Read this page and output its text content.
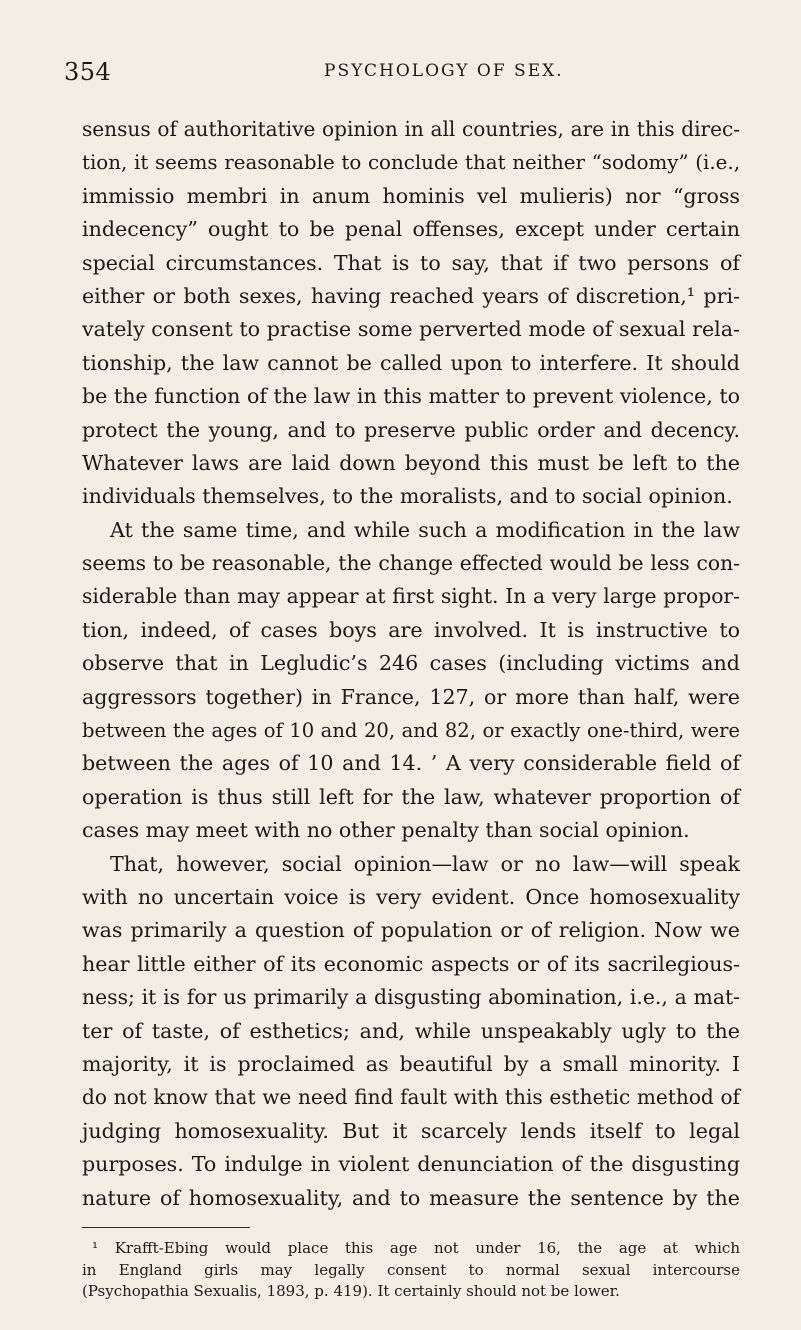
354	PSYCHOLOGY OF SEX.
sensus of authoritative opinion in all countries, are in this direc-
tion, it seems reasonable to conclude that neither “sodomy” (i.e.,
immissio membri in anum hominis vel mulieris) nor “gross
indecency” ought to be penal offenses, except under certain
special circumstances. That is to say, that if two persons of
either or both sexes, having reached years of discretion,¹ pri-
vately consent to practise some perverted mode of sexual rela-
tionship, the law cannot be called upon to interfere. It should
be the function of the law in this matter to prevent violence, to
protect the young, and to preserve public order and decency.
Whatever laws are laid down beyond this must be left to the
individuals themselves, to the moralists, and to social opinion.
At the same time, and while such a modification in the law
seems to be reasonable, the change effected would be less con-
siderable than may appear at first sight. In a very large propor-
tion, indeed, of cases boys are involved. It is instructive to
observe that in Legludic’s 246 cases (including victims and
aggressors together) in France, 127, or more than half, were
between the ages of 10 and 20, and 82, or exactly one-third, were
between the ages of 10 and 14. ’ A very considerable field of
operation is thus still left for the law, whatever proportion of
cases may meet with no other penalty than social opinion.
That, however, social opinion—law or no law—will speak
with no uncertain voice is very evident. Once homosexuality
was primarily a question of population or of religion. Now we
hear little either of its economic aspects or of its sacrilegious-
ness; it is for us primarily a disgusting abomination, i.e., a mat-
ter of taste, of esthetics; and, while unspeakably ugly to the
majority, it is proclaimed as beautiful by a small minority. I
do not know that we need find fault with this esthetic method of
judging homosexuality. But it scarcely lends itself to legal
purposes. To indulge in violent denunciation of the disgusting
nature of homosexuality, and to measure the sentence by the
¹ Krafft-Ebing would place this age not under 16, the age at which
in England girls may legally consent to normal sexual intercourse
(Psychopathia Sexualis, 1893, p. 419). It certainly should not be lower.
